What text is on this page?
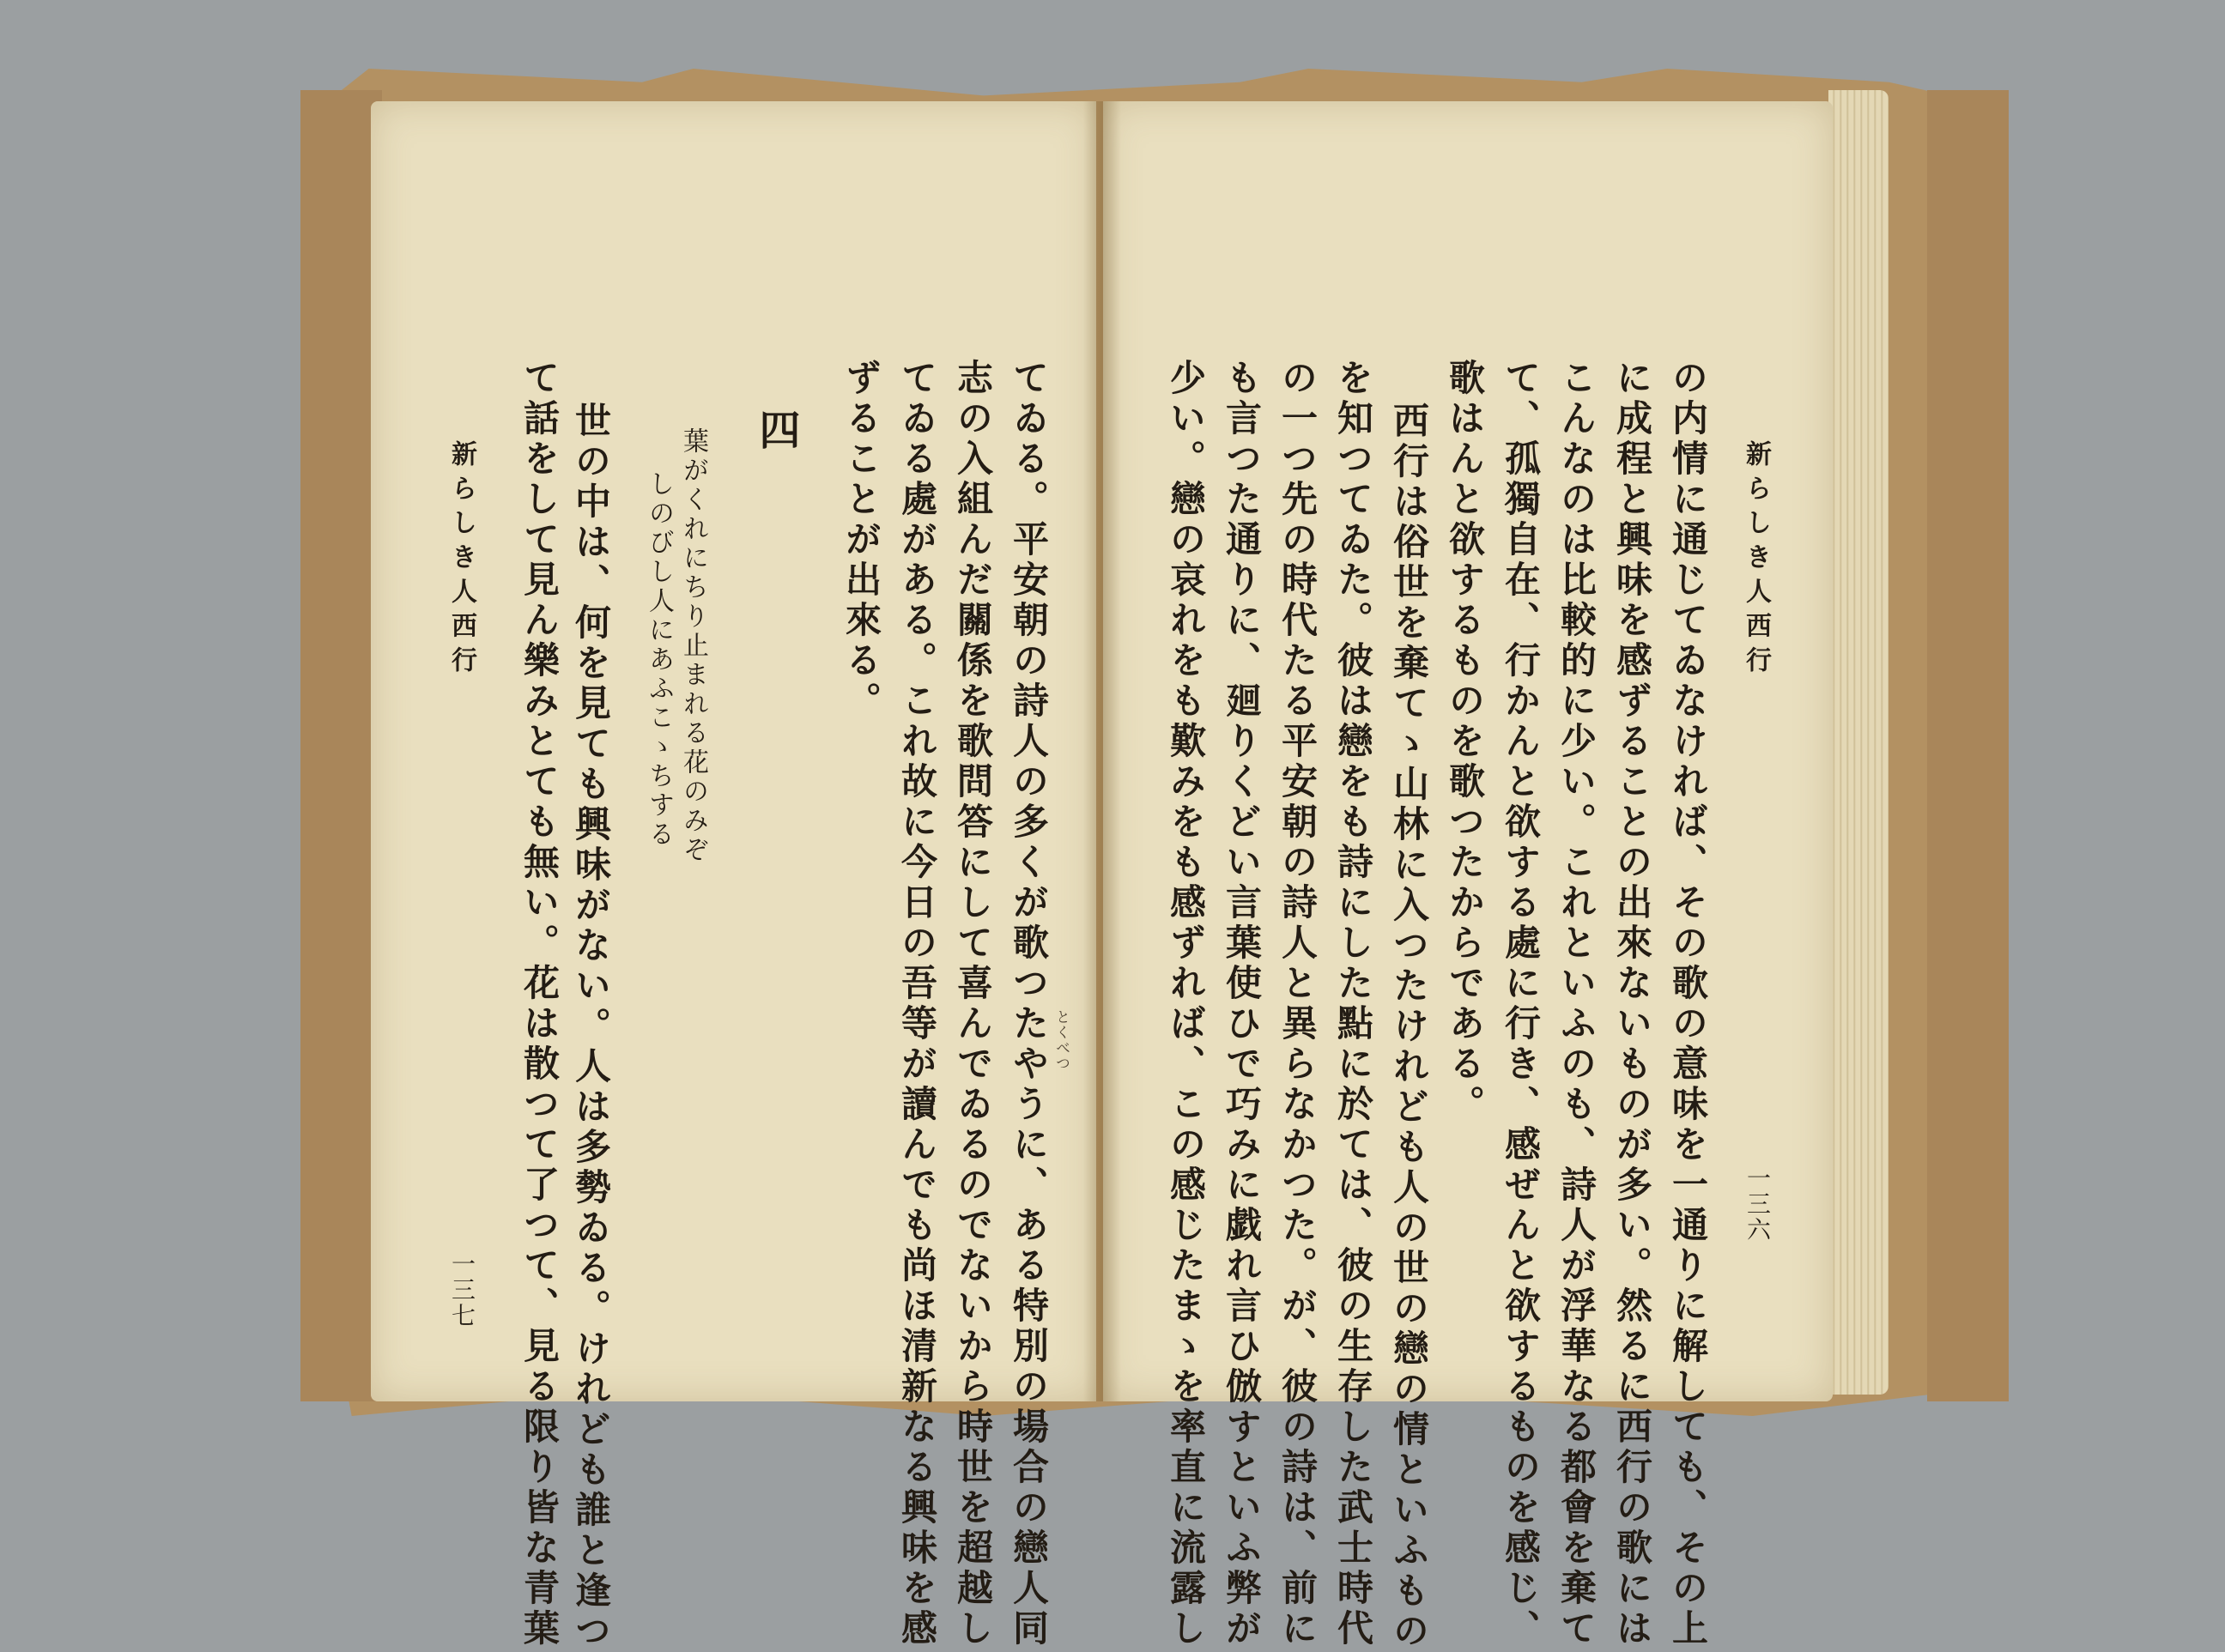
新らしき人西行
一三七 て話をして見ん樂みとても無い。花は散つて了つて、見る限り皆な青葉 世の中は、何を見ても興味がない。人は多勢ゐる。けれども誰と逢つ しのびし人にあふこゝちする 葉がくれにちり止まれる花のみぞ 四 ずることが出來る。 てゐる處がある。これ故に今日の吾等が讀んでも尚ほ清新なる興味を感 志の入組んだ關係を歌問答にして喜んでゐるのでないから時世を超越し てゐる。平安朝の詩人の多くが歌つたやうに、ある特別の場合の戀人同 とくべつ	少い。戀の哀れをも歎みをも感ずれば、この感じたまゝを率直に流露し も言つた通りに、廻りくどい言葉使ひで巧みに戯れ言ひ倣すといふ弊が の一つ先の時代たる平安朝の詩人と異らなかつた。が、彼の詩は、前に を知つてゐた。彼は戀をも詩にした點に於ては、彼の生存した武士時代 西行は俗世を棄てゝ山林に入つたけれども人の世の戀の情といふもの 歌はんと欲するものを歌つたからである。 て、孤獨自在、行かんと欲する處に行き、感ぜんと欲するものを感じ、 こんなのは比較的に少い。これといふのも、詩人が浮華なる都會を棄て に成程と興味を感ずることの出來ないものが多い。然るに西行の歌には の内情に通じてゐなければ、その歌の意味を一通りに解しても、その上 新らしき人西行
一三六
